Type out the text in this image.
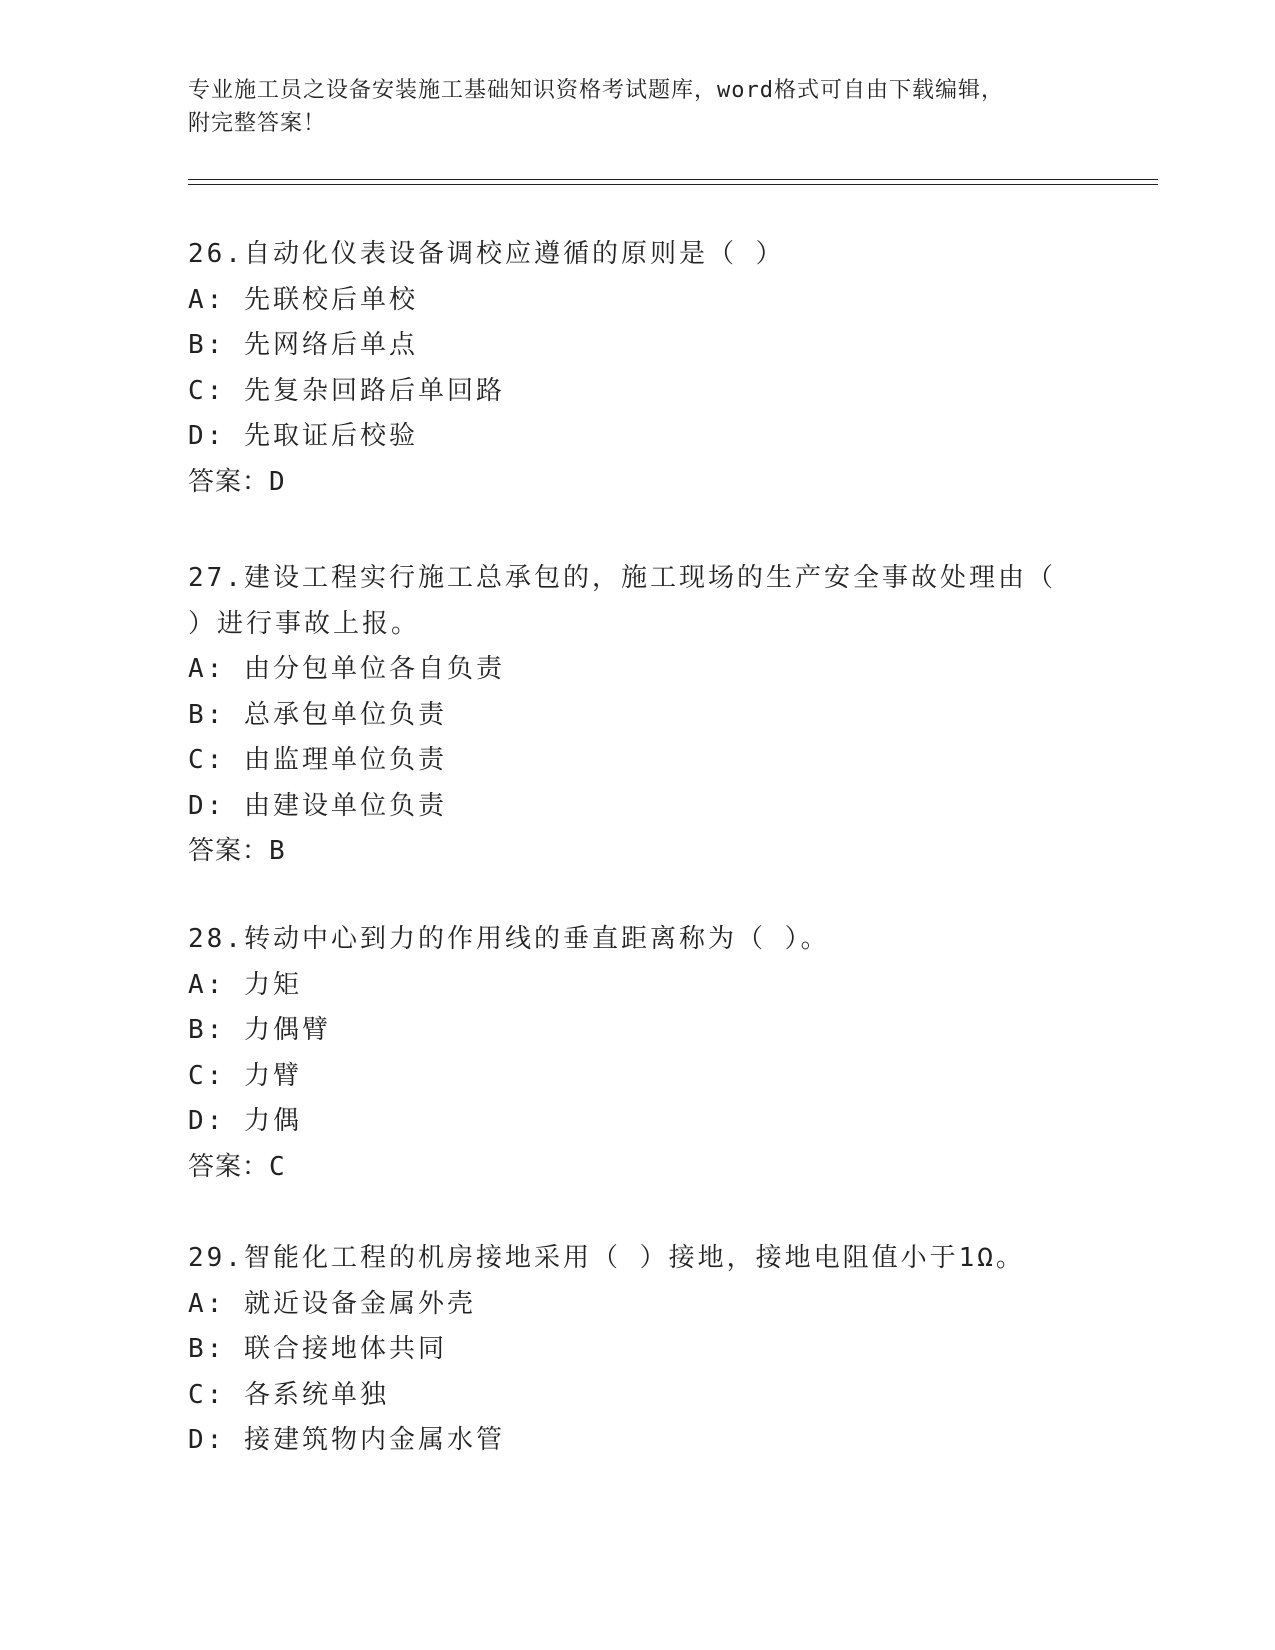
专业施工员之设备安装施工基础知识资格考试题库，word格式可自由下载编辑，
附完整答案！
26.自动化仪表设备调校应遵循的原则是（ ）
A: 先联校后单校
B: 先网络后单点
C: 先复杂回路后单回路
D: 先取证后校验
答案：D
27.建设工程实行施工总承包的，施工现场的生产安全事故处理由（
）进行事故上报。
A: 由分包单位各自负责
B: 总承包单位负责
C: 由监理单位负责
D: 由建设单位负责
答案：B
28.转动中心到力的作用线的垂直距离称为（ ）。
A: 力矩
B: 力偶臂
C: 力臂
D: 力偶
答案：C
29.智能化工程的机房接地采用（ ）接地，接地电阻值小于1Ω。
A: 就近设备金属外壳
B: 联合接地体共同
C: 各系统单独
D: 接建筑物内金属水管
